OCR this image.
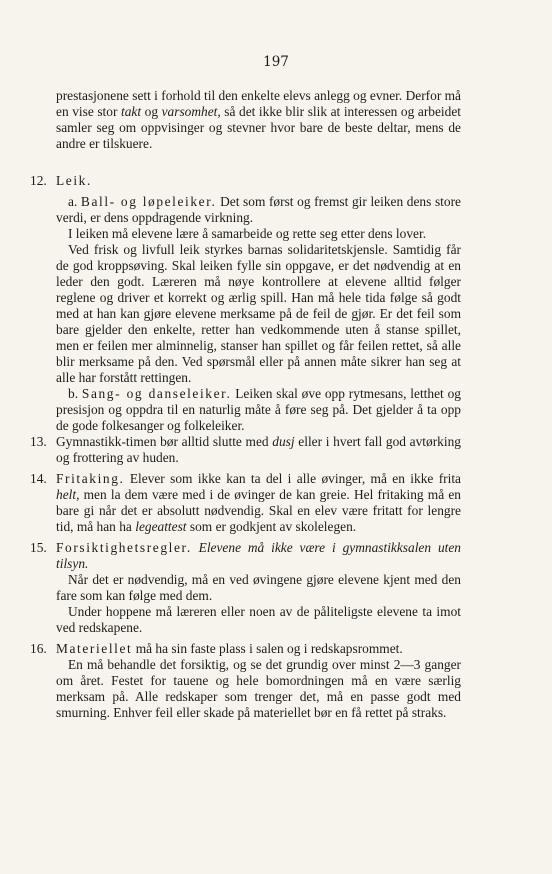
197

prestasjonene sett i forhold til den enkelte elevs anlegg og evner. Derfor må en vise stor takt og varsomhet, så det ikke blir slik at interessen og arbeidet samler seg om oppvisinger og stevner hvor bare de beste deltar, mens de andre er tilskuere.

12. Leik.

a. Ball- og løpeleiker. Det som først og fremst gir leiken dens store verdi, er dens oppdragende virkning.

I leiken må elevene lære å samarbeide og rette seg etter dens lover.

Ved frisk og livfull leik styrkes barnas solidaritetskjensle. Samtidig får de god kroppsøving. Skal leiken fylle sin oppgave, er det nødvendig at en leder den godt. Læreren må nøye kontrollere at elevene alltid følger reglene og driver et korrekt og ærlig spill. Han må hele tida følge så godt med at han kan gjøre elevene merksame på de feil de gjør. Er det feil som bare gjelder den enkelte, retter han vedkommende uten å stanse spillet, men er feilen mer alminnelig, stanser han spillet og får feilen rettet, så alle blir merksame på den. Ved spørsmål eller på annen måte sikrer han seg at alle har forstått rettingen.

b. Sang- og danseleiker. Leiken skal øve opp rytmesans, letthet og presisjon og oppdra til en naturlig måte å føre seg på. Det gjelder å ta opp de gode folkesanger og folkeleiker.

13. Gymnastikk-timen bør alltid slutte med dusj eller i hvert fall god avtørking og frottering av huden.

14. Fritaking. Elever som ikke kan ta del i alle øvinger, må en ikke frita helt, men la dem være med i de øvinger de kan greie. Hel fritaking må en bare gi når det er absolutt nødvendig. Skal en elev være fritatt for lengre tid, må han ha legeattest som er godkjent av skolelegen.

15. Forsiktighetsregler. Elevene må ikke være i gymnastikksalen uten tilsyn.

Når det er nødvendig, må en ved øvingene gjøre elevene kjent med den fare som kan følge med dem.

Under hoppene må læreren eller noen av de påliteligste elevene ta imot ved redskapene.

16. Materiellet må ha sin faste plass i salen og i redskapsrommet.

En må behandle det forsiktig, og se det grundig over minst 2—3 ganger om året. Festet for tauene og hele bomordningen må en være særlig merksam på. Alle redskaper som trenger det, må en passe godt med smurning. Enhver feil eller skade på materiellet bør en få rettet på straks.
